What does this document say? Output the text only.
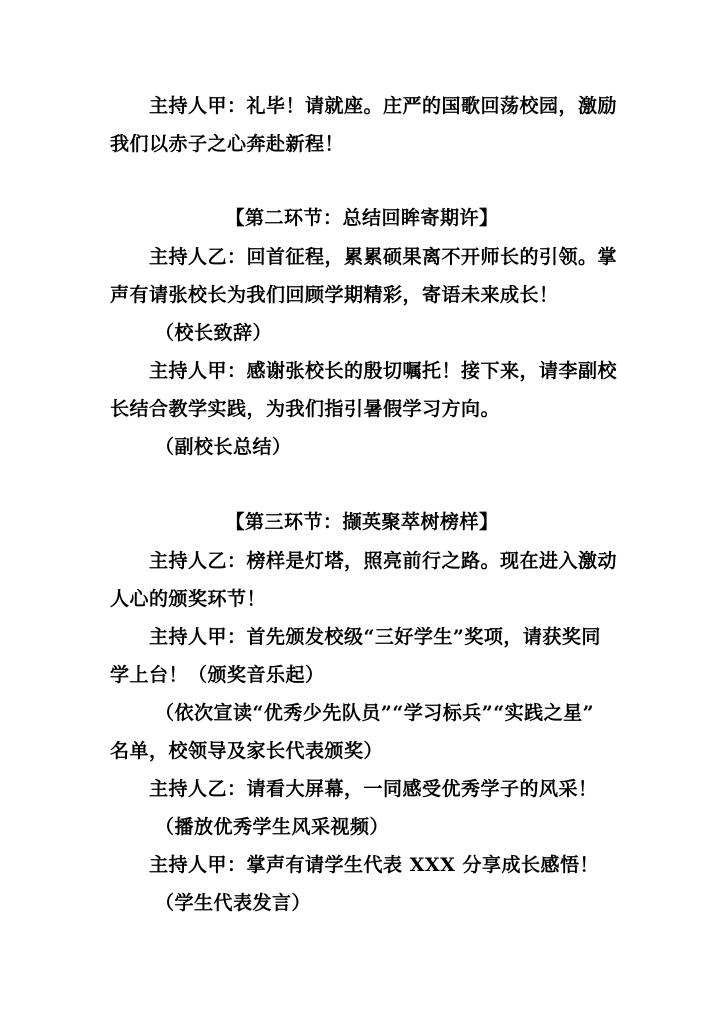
主持人甲：礼毕！请就座。庄严的国歌回荡校园，激励
我们以赤子之心奔赴新程！
【第二环节：总结回眸寄期许】
主持人乙：回首征程，累累硕果离不开师长的引领。掌
声有请张校长为我们回顾学期精彩，寄语未来成长！
（校长致辞）
主持人甲：感谢张校长的殷切嘱托！接下来，请李副校
长结合教学实践，为我们指引暑假学习方向。
（副校长总结）
【第三环节：撷英聚萃树榜样】
主持人乙：榜样是灯塔，照亮前行之路。现在进入激动
人心的颁奖环节！
主持人甲：首先颁发校级“三好学生”奖项，请获奖同
学上台！（颁奖音乐起）
（依次宣读“优秀少先队员”“学习标兵”“实践之星”
名单，校领导及家长代表颁奖）
主持人乙：请看大屏幕，一同感受优秀学子的风采！
（播放优秀学生风采视频）
主持人甲：掌声有请学生代表 XXX 分享成长感悟！
（学生代表发言）
